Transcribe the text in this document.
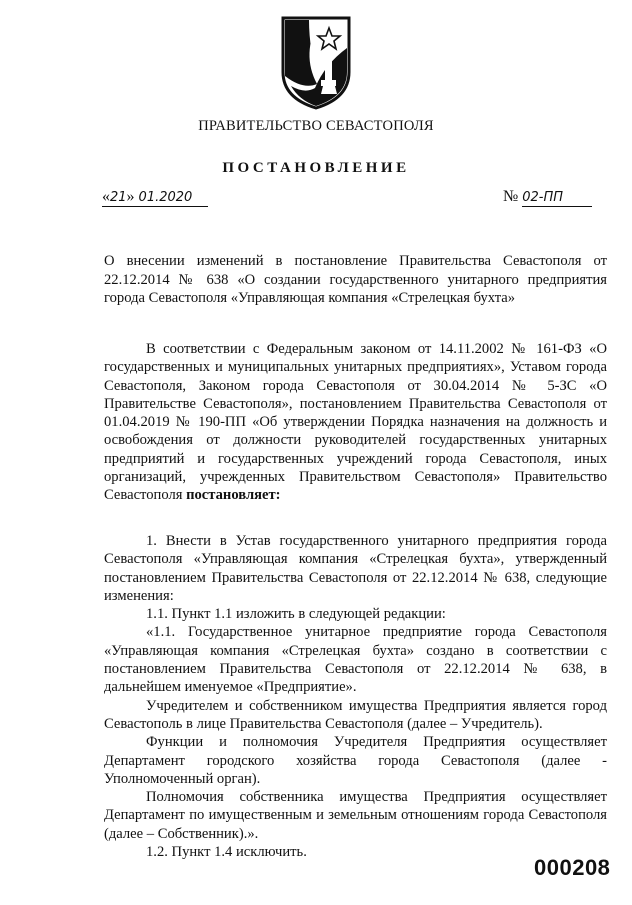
ПРАВИТЕЛЬСТВО СЕВАСТОПОЛЯ
ПОСТАНОВЛЕНИЕ
«21» 01.2020	№ 02-ПП

О внесении изменений в постановление Правительства Севастополя от 22.12.2014 № 638 «О создании государственного унитарного предприятия города Севастополя «Управляющая компания «Стрелецкая бухта»

В соответствии с Федеральным законом от 14.11.2002 № 161-ФЗ «О государственных и муниципальных унитарных предприятиях», Уставом города Севастополя, Законом города Севастополя от 30.04.2014 № 5-ЗС «О Правительстве Севастополя», постановлением Правительства Севастополя от 01.04.2019 № 190-ПП «Об утверждении Порядка назначения на должность и освобождения от должности руководителей государственных унитарных предприятий и государственных учреждений города Севастополя, иных организаций, учрежденных Правительством Севастополя» Правительство Севастополя постановляет:

1. Внести в Устав государственного унитарного предприятия города Севастополя «Управляющая компания «Стрелецкая бухта», утвержденный постановлением Правительства Севастополя от 22.12.2014 № 638, следующие изменения:

1.1. Пункт 1.1 изложить в следующей редакции:

«1.1. Государственное унитарное предприятие города Севастополя «Управляющая компания «Стрелецкая бухта» создано в соответствии с постановлением Правительства Севастополя от 22.12.2014 № 638, в дальнейшем именуемое «Предприятие».

Учредителем и собственником имущества Предприятия является город Севастополь в лице Правительства Севастополя (далее – Учредитель).

Функции и полномочия Учредителя Предприятия осуществляет Департамент городского хозяйства города Севастополя (далее - Уполномоченный орган).

Полномочия собственника имущества Предприятия осуществляет Департамент по имущественным и земельным отношениям города Севастополя (далее – Собственник).».

1.2. Пункт 1.4 исключить.

000208
